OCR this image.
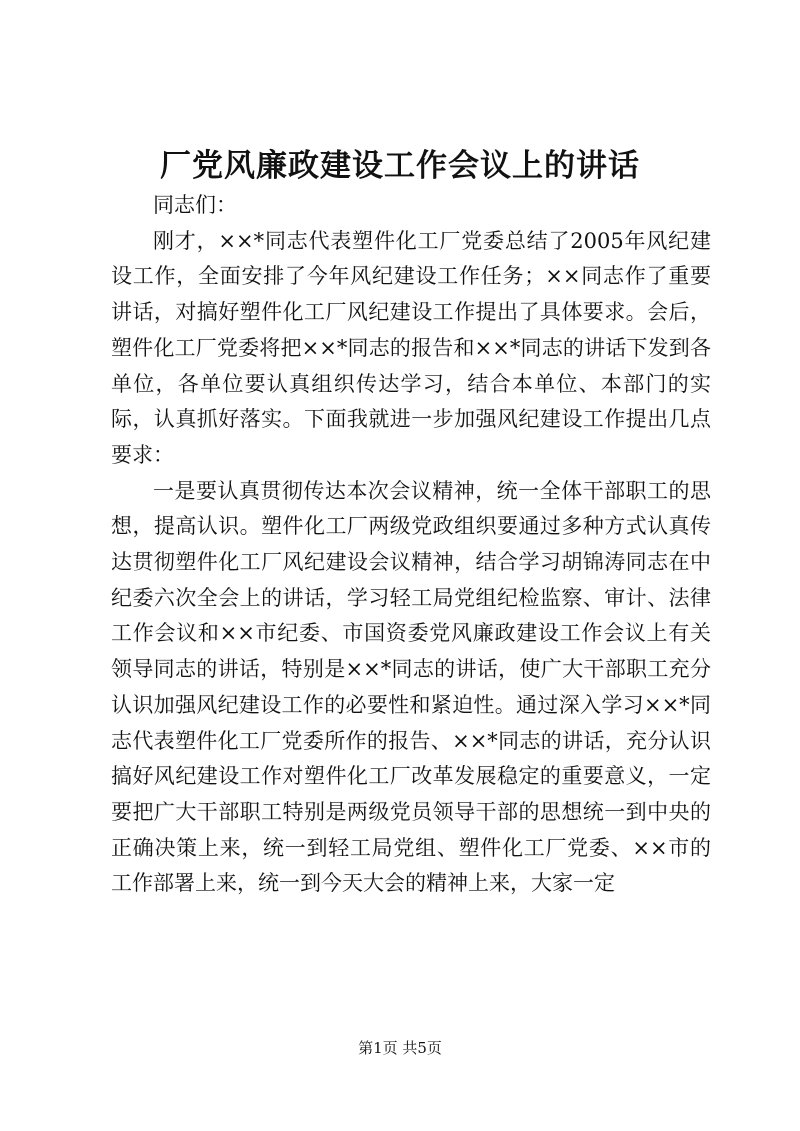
厂党风廉政建设工作会议上的讲话

同志们：

刚才，××*同志代表塑件化工厂党委总结了2005年风纪建设工作，全面安排了今年风纪建设工作任务；××同志作了重要讲话，对搞好塑件化工厂风纪建设工作提出了具体要求。会后，塑件化工厂党委将把××*同志的报告和××*同志的讲话下发到各单位，各单位要认真组织传达学习，结合本单位、本部门的实际，认真抓好落实。下面我就进一步加强风纪建设工作提出几点要求：

一是要认真贯彻传达本次会议精神，统一全体干部职工的思想，提高认识。塑件化工厂两级党政组织要通过多种方式认真传达贯彻塑件化工厂风纪建设会议精神，结合学习胡锦涛同志在中纪委六次全会上的讲话，学习轻工局党组纪检监察、审计、法律工作会议和××市纪委、市国资委党风廉政建设工作会议上有关领导同志的讲话，特别是××*同志的讲话，使广大干部职工充分认识加强风纪建设工作的必要性和紧迫性。通过深入学习××*同志代表塑件化工厂党委所作的报告、××*同志的讲话，充分认识搞好风纪建设工作对塑件化工厂改革发展稳定的重要意义，一定要把广大干部职工特别是两级党员领导干部的思想统一到中央的正确决策上来，统一到轻工局党组、塑件化工厂党委、××市的工作部署上来，统一到今天大会的精神上来，大家一定

第1页 共5页
